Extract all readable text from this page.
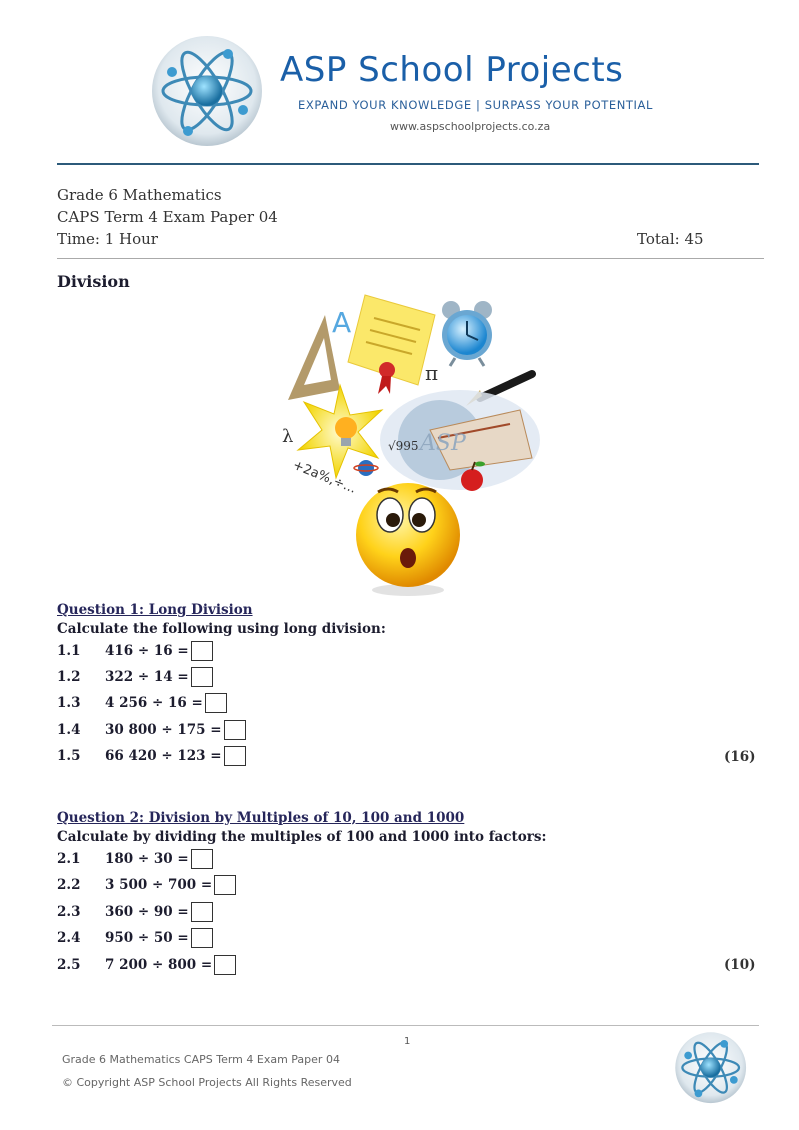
ASP School Projects
EXPAND YOUR KNOWLEDGE | SURPASS YOUR POTENTIAL
www.aspschoolprojects.co.za
Grade 6 Mathematics
CAPS Term 4 Exam Paper 04
Time: 1 Hour	Total: 45
Division
A
π
ASP
λ	√995
+2a%,÷...
Question 1: Long Division
Calculate the following using long division:
1.1	416 ÷ 16 =
1.2	322 ÷ 14 =
1.3	4 256 ÷ 16 =
1.4	30 800 ÷ 175 =
1.5	66 420 ÷ 123 =	(16)
Question 2: Division by Multiples of 10, 100 and 1000
Calculate by dividing the multiples of 100 and 1000 into factors:
2.1	180 ÷ 30 =
2.2	3 500 ÷ 700 =
2.3	360 ÷ 90 =
2.4	950 ÷ 50 =
2.5	7 200 ÷ 800 =	(10)
1
Grade 6 Mathematics CAPS Term 4 Exam Paper 04
© Copyright ASP School Projects All Rights Reserved
